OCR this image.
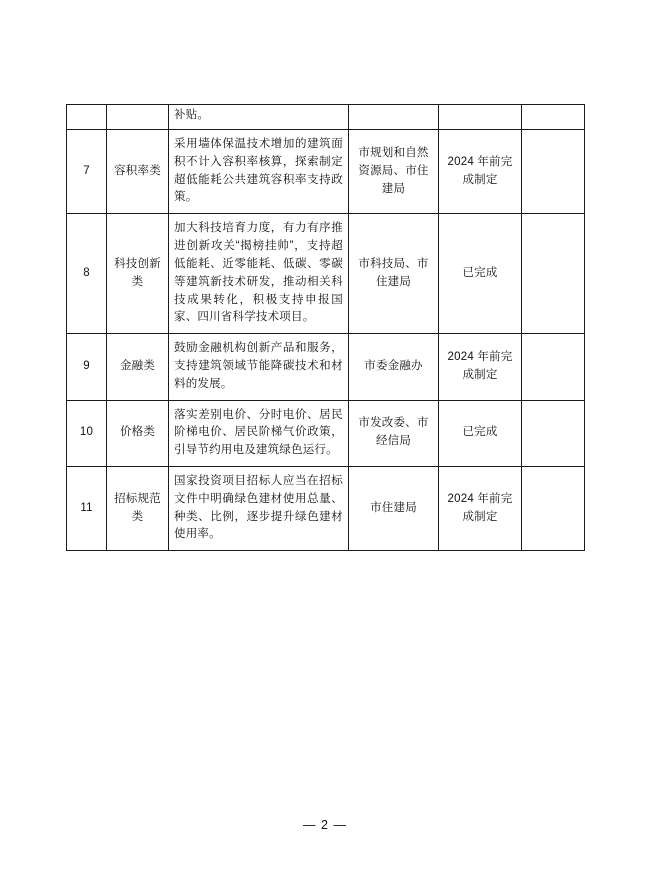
		补贴。			
7	容积率类	采用墙体保温技术增加的建筑面积不计入容积率核算，探索制定超低能耗公共建筑容积率支持政策。	市规划和自然资源局、市住建局	2024 年前完成制定	
8	科技创新类	加大科技培育力度，有力有序推进创新攻关“揭榜挂帅”，支持超低能耗、近零能耗、低碳、零碳等建筑新技术研发，推动相关科技成果转化，积极支持申报国家、四川省科学技术项目。	市科技局、市住建局	已完成	
9	金融类	鼓励金融机构创新产品和服务，支持建筑领域节能降碳技术和材料的发展。	市委金融办	2024 年前完成制定	
10	价格类	落实差别电价、分时电价、居民阶梯电价、居民阶梯气价政策，引导节约用电及建筑绿色运行。	市发改委、市经信局	已完成	
11	招标规范类	国家投资项目招标人应当在招标文件中明确绿色建材使用总量、种类、比例，逐步提升绿色建材使用率。	市住建局	2024 年前完成制定	
— 2 —
